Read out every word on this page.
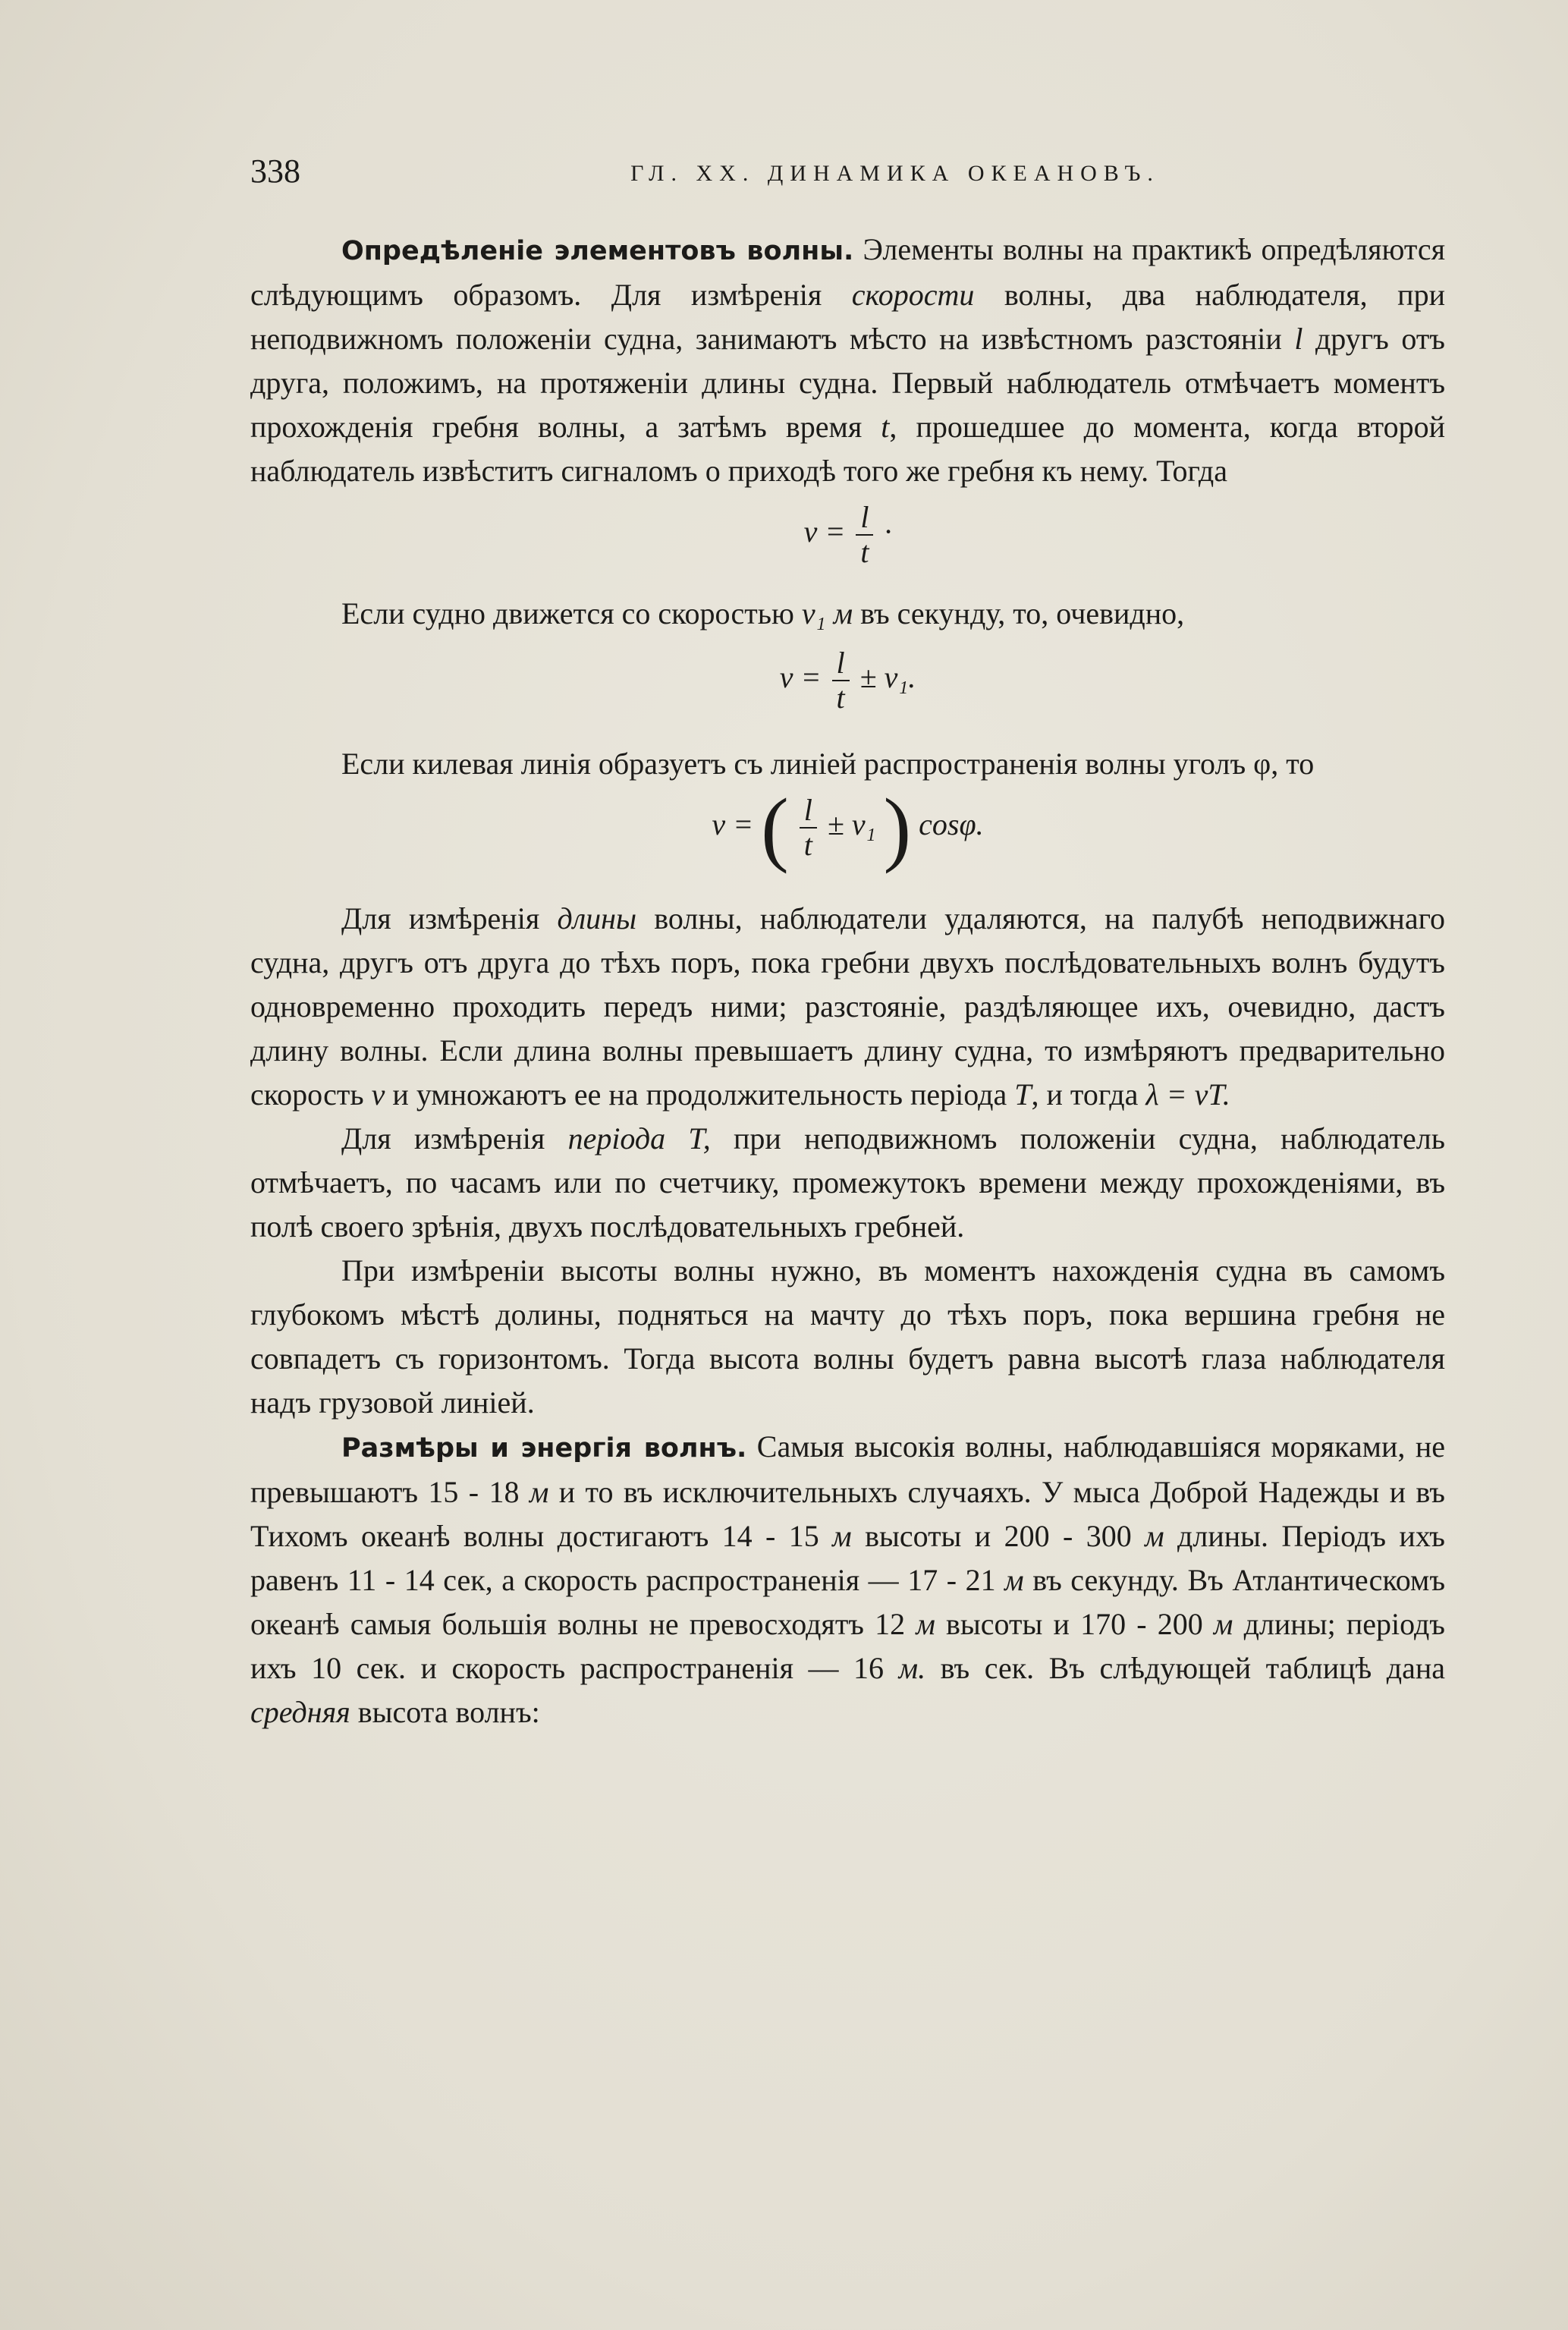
338	ГЛ. XX. ДИНАМИКА ОКЕАНОВЪ.

Опредѣленіе элементовъ волны. Элементы волны на практикѣ опредѣляются слѣдующимъ образомъ. Для измѣренія скорости волны, два наблюдателя, при неподвижномъ положеніи судна, занимаютъ мѣсто на извѣстномъ разстояніи l другъ отъ друга, положимъ, на протяженіи длины судна. Первый наблюдатель отмѣчаетъ моментъ прохожденія гребня волны, а затѣмъ время t, прошедшее до момента, когда второй наблюдатель извѣститъ сигналомъ о приходѣ того же гребня къ нему. Тогда

$v = \frac{l}{t}$ ·

Если судно движется со скоростью v₁ м въ секунду, то, очевидно,

$v = \frac{l}{t} \pm v_1$.

Если килевая линія образуетъ съ линіей распространенія волны уголъ φ, то

v = ( $\frac{l}{t} \pm v_1$ ) cosφ.

Для измѣренія длины волны, наблюдатели удаляются, на палубѣ неподвижнаго судна, другъ отъ друга до тѣхъ поръ, пока гребни двухъ послѣдовательныхъ волнъ будутъ одновременно проходить передъ ними; разстояніе, раздѣляющее ихъ, очевидно, дастъ длину волны. Если длина волны превышаетъ длину судна, то измѣряютъ предварительно скорость v и умножаютъ ее на продолжительность періода T, и тогда λ = vT.

Для измѣренія періода T, при неподвижномъ положеніи судна, наблюдатель отмѣчаетъ, по часамъ или по счетчику, промежутокъ времени между прохожденіями, въ полѣ своего зрѣнія, двухъ послѣдовательныхъ гребней.

При измѣреніи высоты волны нужно, въ моментъ нахожденія судна въ самомъ глубокомъ мѣстѣ долины, подняться на мачту до тѣхъ поръ, пока вершина гребня не совпадетъ съ горизонтомъ. Тогда высота волны будетъ равна высотѣ глаза наблюдателя надъ грузовой линіей.

Размѣры и энергія волнъ. Самыя высокія волны, наблюдавшіяся моряками, не превышаютъ 15 - 18 м и то въ исключительныхъ случаяхъ. У мыса Доброй Надежды и въ Тихомъ океанѣ волны достигаютъ 14 - 15 м высоты и 200 - 300 м длины. Періодъ ихъ равенъ 11 - 14 сек, а скорость распространенія — 17 - 21 м въ секунду. Въ Атлантическомъ океанѣ самыя большія волны не превосходятъ 12 м высоты и 170 - 200 м длины; періодъ ихъ 10 сек. и скорость распространенія — 16 м. въ сек. Въ слѣдующей таблицѣ дана средняя высота волнъ:
